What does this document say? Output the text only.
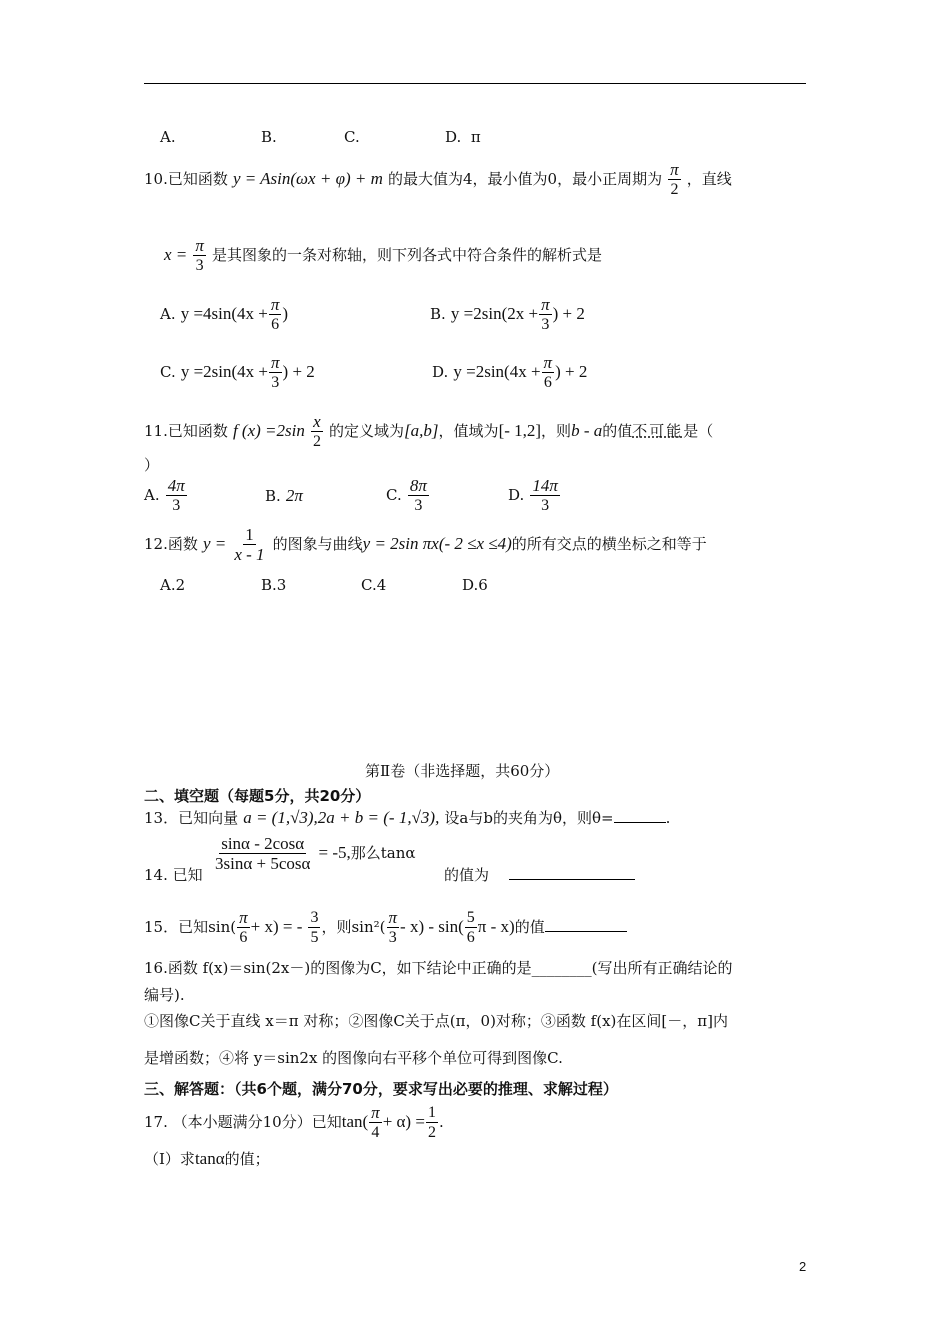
A.	B.	C.	D. π
10.已知函数 y = Asin(ωx + φ) + m 的最大值为4，最小值为0，最小正周期为 $\frac{\pi}{2}$ ，直线
$x = \frac{\pi}{3}$ 是其图象的一条对称轴，则下列各式中符合条件的解析式是
A. $y =4\sin(4x + \frac{\pi}{6}$ )	B. $y =2\sin(2x + \frac{\pi}{3}$ ) + 2
C. $y =2\sin(4x + \frac{\pi}{3}$ ) + 2	D. $y =2\sin(4x + \frac{\pi}{6}$ ) + 2
11.已知函数 f $(x) =2\sin \frac{x}{2}$ 的定义域为[a,b]，值域为[- 1,2]，则b - a的值不可能是（
）
A. $\frac{4\pi}{3}$	B. 2π	C. $\frac{8\pi}{3}$	D. $\frac{14\pi}{3}$
12.函数 $y = \frac{1}{x - 1}$ 的图象与曲线y = 2sin πx(- 2 ≤x ≤4)的所有交点的横坐标之和等于
A.2	B.3	C.4	D.6
第Ⅱ卷（非选择题，共60分）
二、填空题（每题5分，共20分）
13．已知向量 a = (1,√3),2a + b = (- 1,√3), 设a与b的夹角为θ，则θ=	.
$\frac{\sin\alpha - 2\cos\alpha}{3\sin\alpha + 5\cos\alpha} = -5$,那么tanα
14. 已知	的值为
15．已知$\sin( \frac{\pi}{6} + x)$ = - $\frac{3}{5}$ ，则$\sin^2( \frac{\pi}{3} - x) - \sin( \frac{5}{6}$ π - x)的值
16.函数 f(x)＝sin(2x－)的图像为C，如下结论中正确的是________(写出所有正确结论的
编号).
①图像C关于直线 x＝π 对称；②图像C关于点(π，0)对称；③函数 f(x)在区间[－，π]内
是增函数；④将 y＝sin2x 的图像向右平移个单位可得到图像C.
三、解答题：（共6个题，满分70分，要求写出必要的推理、求解过程）
17. （本小题满分10分）已知$\tan( \frac{\pi}{4} + \alpha) = \frac{1}{2}$ .
（Ⅰ）求tanα的值；
2
